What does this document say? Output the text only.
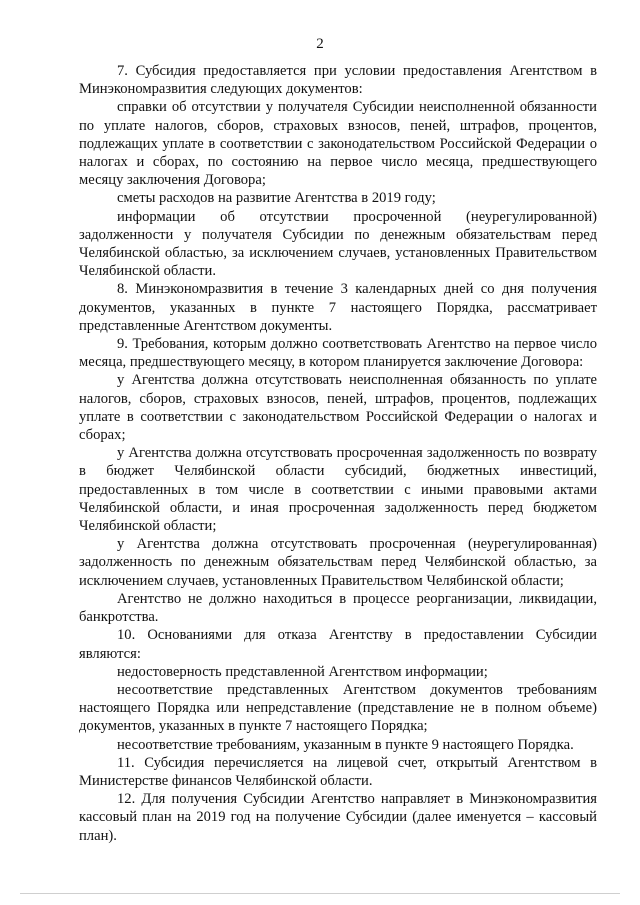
2

7. Субсидия предоставляется при условии предоставления Агентством в Минэкономразвития следующих документов:

справки об отсутствии у получателя Субсидии неисполненной обязанности по уплате налогов, сборов, страховых взносов, пеней, штрафов, процентов, подлежащих уплате в соответствии с законодательством Российской Федерации о налогах и сборах, по состоянию на первое число месяца, предшествующего месяцу заключения Договора;

сметы расходов на развитие Агентства в 2019 году;

информации об отсутствии просроченной (неурегулированной) задолженности у получателя Субсидии по денежным обязательствам перед Челябинской областью, за исключением случаев, установленных Правительством Челябинской области.

8. Минэкономразвития в течение 3 календарных дней со дня получения документов, указанных в пункте 7 настоящего Порядка, рассматривает представленные Агентством документы.

9. Требования, которым должно соответствовать Агентство на первое число месяца, предшествующего месяцу, в котором планируется заключение Договора:

у Агентства должна отсутствовать неисполненная обязанность по уплате налогов, сборов, страховых взносов, пеней, штрафов, процентов, подлежащих уплате в соответствии с законодательством Российской Федерации о налогах и сборах;

у Агентства должна отсутствовать просроченная задолженность по возврату в бюджет Челябинской области субсидий, бюджетных инвестиций, предоставленных в том числе в соответствии с иными правовыми актами Челябинской области, и иная просроченная задолженность перед бюджетом Челябинской области;

у Агентства должна отсутствовать просроченная (неурегулированная) задолженность по денежным обязательствам перед Челябинской областью, за исключением случаев, установленных Правительством Челябинской области;

Агентство не должно находиться в процессе реорганизации, ликвидации, банкротства.

10. Основаниями для отказа Агентству в предоставлении Субсидии являются:

недостоверность представленной Агентством информации;

несоответствие представленных Агентством документов требованиям настоящего Порядка или непредставление (представление не в полном объеме) документов, указанных в пункте 7 настоящего Порядка;

несоответствие требованиям, указанным в пункте 9 настоящего Порядка.

11. Субсидия перечисляется на лицевой счет, открытый Агентством в Министерстве финансов Челябинской области.

12. Для получения Субсидии Агентство направляет в Минэкономразвития кассовый план на 2019 год на получение Субсидии (далее именуется – кассовый план).
